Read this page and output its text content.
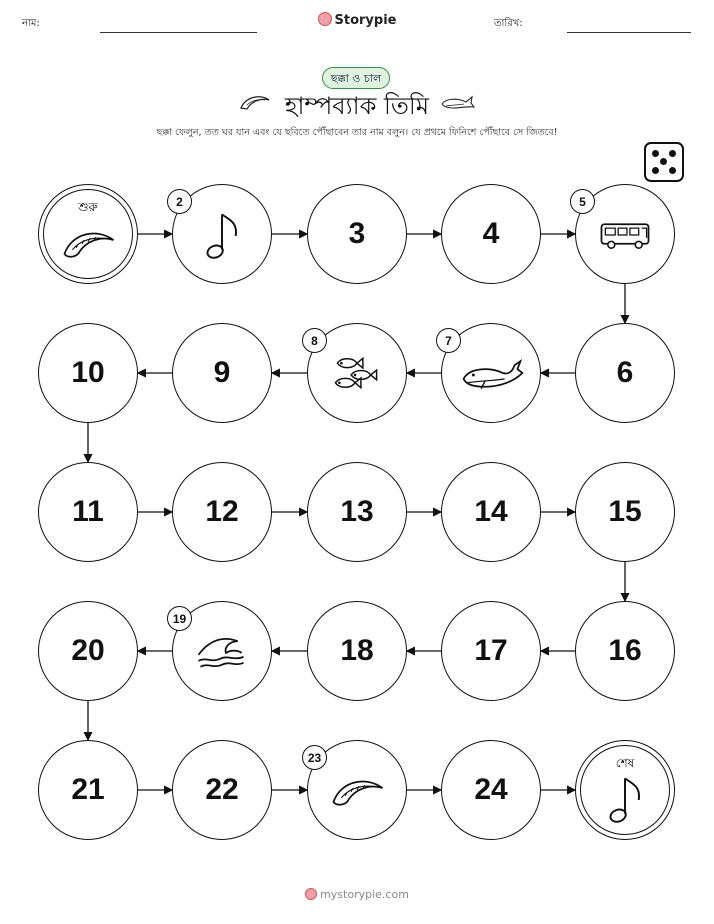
নাম:	Storypie	তারিখ:
ছক্কা ও চাল
হাম্পব্যাক তিমি
ছক্কা ফেলুন, তত ঘর যান এবং যে ছবিতে পৌঁছাবেন তার নাম বলুন। যে প্রথমে ফিনিশে পৌঁছাবে সে জিতবে!
শুরু	2
3	4
5
6
7
8
9
10
11	12	13	14	15
16
17
18
19
20
21	22
23
24
শেষ
mystorypie.com
